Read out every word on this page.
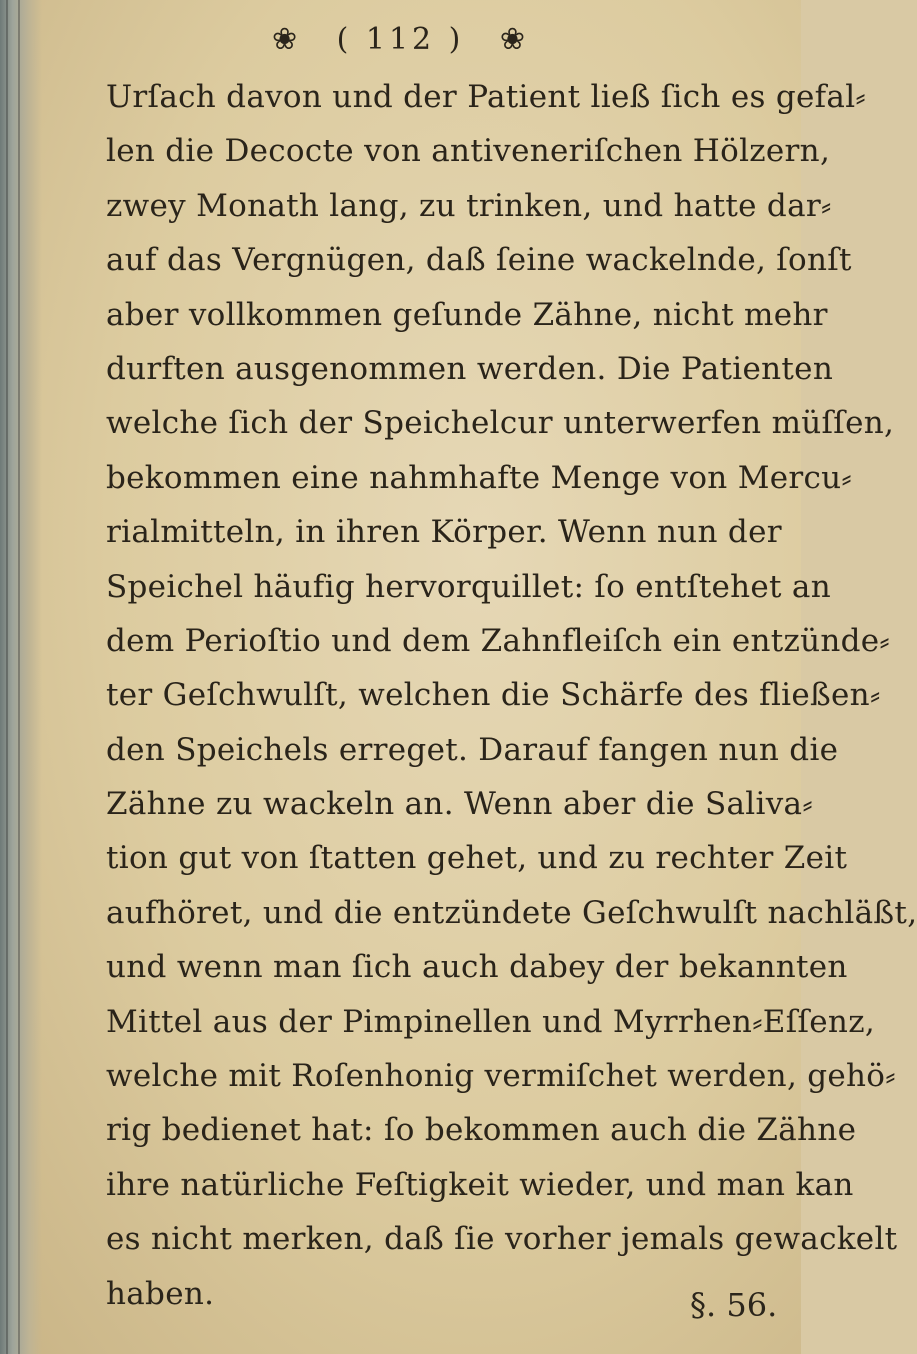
❀ ( 112 ) ❀
Urſach davon und der Patient ließ ſich es gefal⸗
len die Decocte von antiveneriſchen Hölzern,
zwey Monath lang, zu trinken, und hatte dar⸗
auf das Vergnügen, daß ſeine wackelnde, ſonſt
aber vollkommen geſunde Zähne, nicht mehr
durften ausgenommen werden. Die Patienten
welche ſich der Speichelcur unterwerfen müſſen,
bekommen eine nahmhafte Menge von Mercu⸗
rialmitteln, in ihren Körper. Wenn nun der
Speichel häufig hervorquillet: ſo entſtehet an
dem Perioſtio und dem Zahnfleiſch ein entzünde⸗
ter Geſchwulſt, welchen die Schärfe des fließen⸗
den Speichels erreget. Darauf fangen nun die
Zähne zu wackeln an. Wenn aber die Saliva⸗
tion gut von ſtatten gehet, und zu rechter Zeit
aufhöret, und die entzündete Geſchwulſt nachläßt,
und wenn man ſich auch dabey der bekannten
Mittel aus der Pimpinellen und Myrrhen⸗Eſſenz,
welche mit Roſenhonig vermiſchet werden, gehö⸗
rig bedienet hat: ſo bekommen auch die Zähne
ihre natürliche Feſtigkeit wieder, und man kan
es nicht merken, daß ſie vorher jemals gewackelt
haben.	§. 56.
